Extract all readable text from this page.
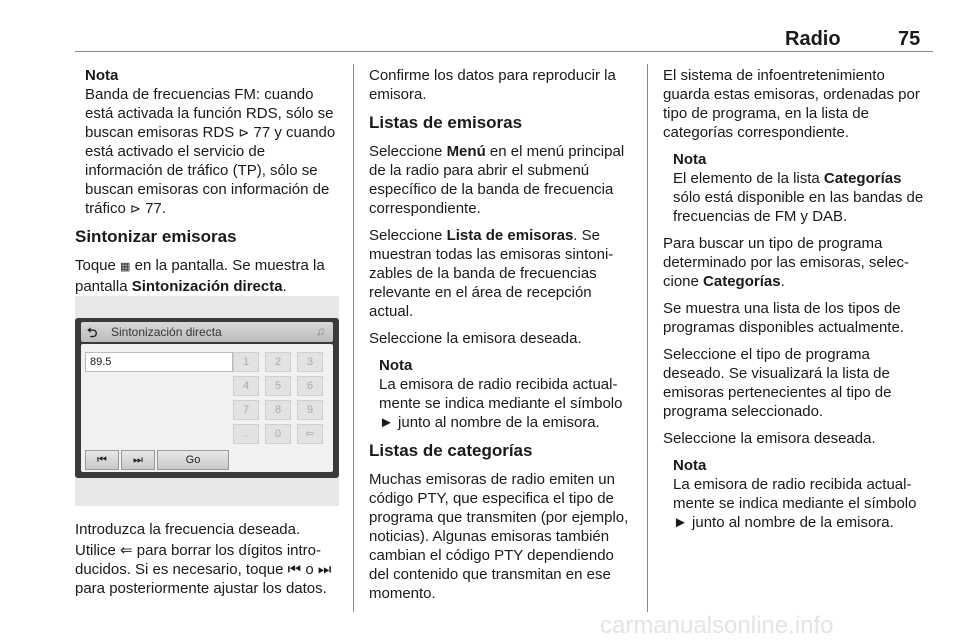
Radio	75
Nota
Banda de frecuencias FM: cuando está activada la función RDS, sólo se buscan emisoras RDS ⊳ 77 y cuando está activado el servicio de información de tráfico (TP), sólo se buscan emisoras con información de tráfico ⊳ 77.
Sintonizar emisoras

Toque ▦ en la pantalla. Se muestra la pantalla Sintonización directa.

⮌ Sintonización directa	♫
89.5	1	2	3
4	5	6
7	8	9
.	0	⇐
⏮	⏭	Go

Introduzca la frecuencia deseada.

Utilice ⇐ para borrar los dígitos introducidos. Si es necesario, toque ⏮ o ⏭ para posteriormente ajustar los datos.

Confirme los datos para reproducir la emisora.

Listas de emisoras

Seleccione Menú en el menú principal de la radio para abrir el submenú específico de la banda de frecuencia correspondiente.

Seleccione Lista de emisoras. Se muestran todas las emisoras sintonizables de la banda de frecuencias relevante en el área de recepción actual.

Seleccione la emisora deseada.

Nota
La emisora de radio recibida actualmente se indica mediante el símbolo ► junto al nombre de la emisora.
Listas de categorías

Muchas emisoras de radio emiten un código PTY, que especifica el tipo de programa que transmiten (por ejemplo, noticias). Algunas emisoras también cambian el código PTY dependiendo del contenido que transmitan en ese momento.

El sistema de infoentretenimiento guarda estas emisoras, ordenadas por tipo de programa, en la lista de categorías correspondiente.

Nota
El elemento de la lista Categorías sólo está disponible en las bandas de frecuencias de FM y DAB.

Para buscar un tipo de programa determinado por las emisoras, seleccione Categorías.

Se muestra una lista de los tipos de programas disponibles actualmente.

Seleccione el tipo de programa deseado. Se visualizará la lista de emisoras pertenecientes al tipo de programa seleccionado.

Seleccione la emisora deseada.

Nota
La emisora de radio recibida actualmente se indica mediante el símbolo ► junto al nombre de la emisora.
carmanualsonline.info
